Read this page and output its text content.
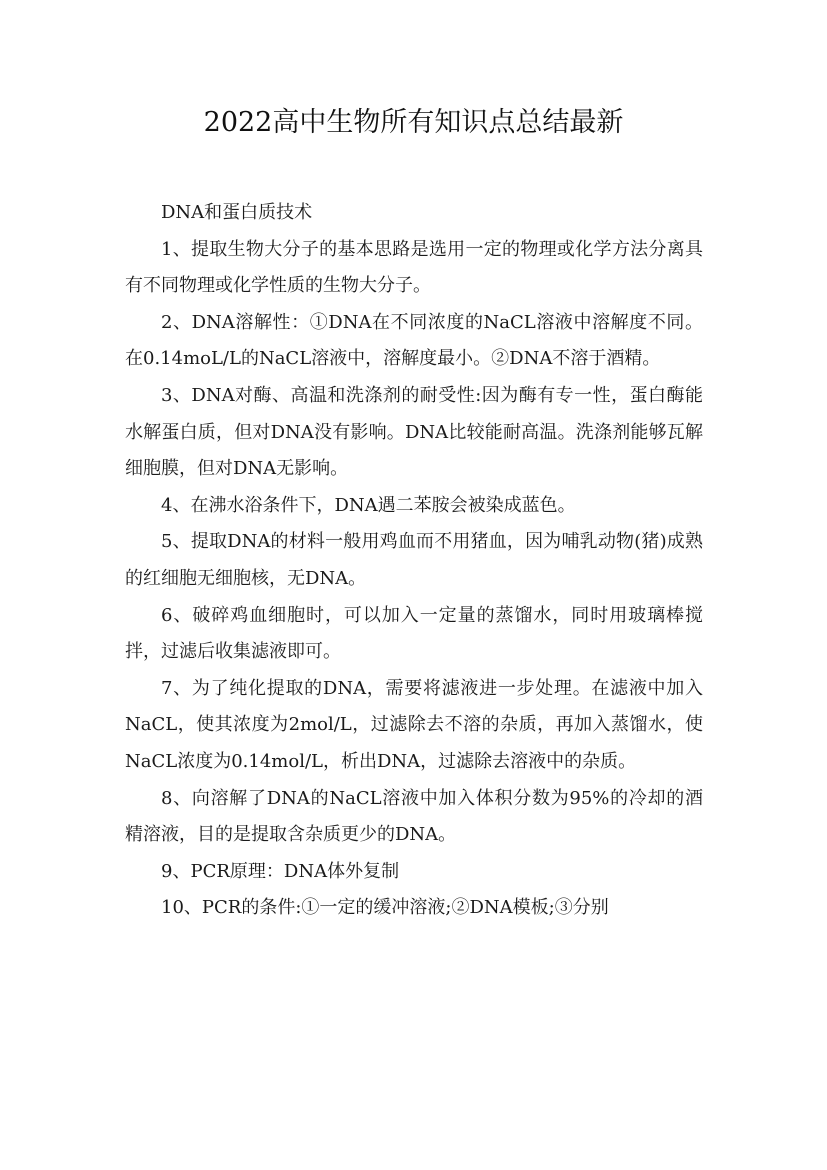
2022高中生物所有知识点总结最新

DNA和蛋白质技术

1、提取生物大分子的基本思路是选用一定的物理或化学方法分离具有不同物理或化学性质的生物大分子。

2、DNA溶解性：①DNA在不同浓度的NaCL溶液中溶解度不同。在0.14moL/L的NaCL溶液中，溶解度最小。②DNA不溶于酒精。

3、DNA对酶、高温和洗涤剂的耐受性:因为酶有专一性，蛋白酶能水解蛋白质，但对DNA没有影响。DNA比较能耐高温。洗涤剂能够瓦解细胞膜，但对DNA无影响。

4、在沸水浴条件下，DNA遇二苯胺会被染成蓝色。

5、提取DNA的材料一般用鸡血而不用猪血，因为哺乳动物(猪)成熟的红细胞无细胞核，无DNA。

6、破碎鸡血细胞时，可以加入一定量的蒸馏水，同时用玻璃棒搅拌，过滤后收集滤液即可。

7、为了纯化提取的DNA，需要将滤液进一步处理。在滤液中加入NaCL，使其浓度为2mol/L，过滤除去不溶的杂质，再加入蒸馏水，使NaCL浓度为0.14mol/L，析出DNA，过滤除去溶液中的杂质。

8、向溶解了DNA的NaCL溶液中加入体积分数为95%的冷却的酒精溶液，目的是提取含杂质更少的DNA。

9、PCR原理：DNA体外复制

10、PCR的条件:①一定的缓冲溶液;②DNA模板;③分别
